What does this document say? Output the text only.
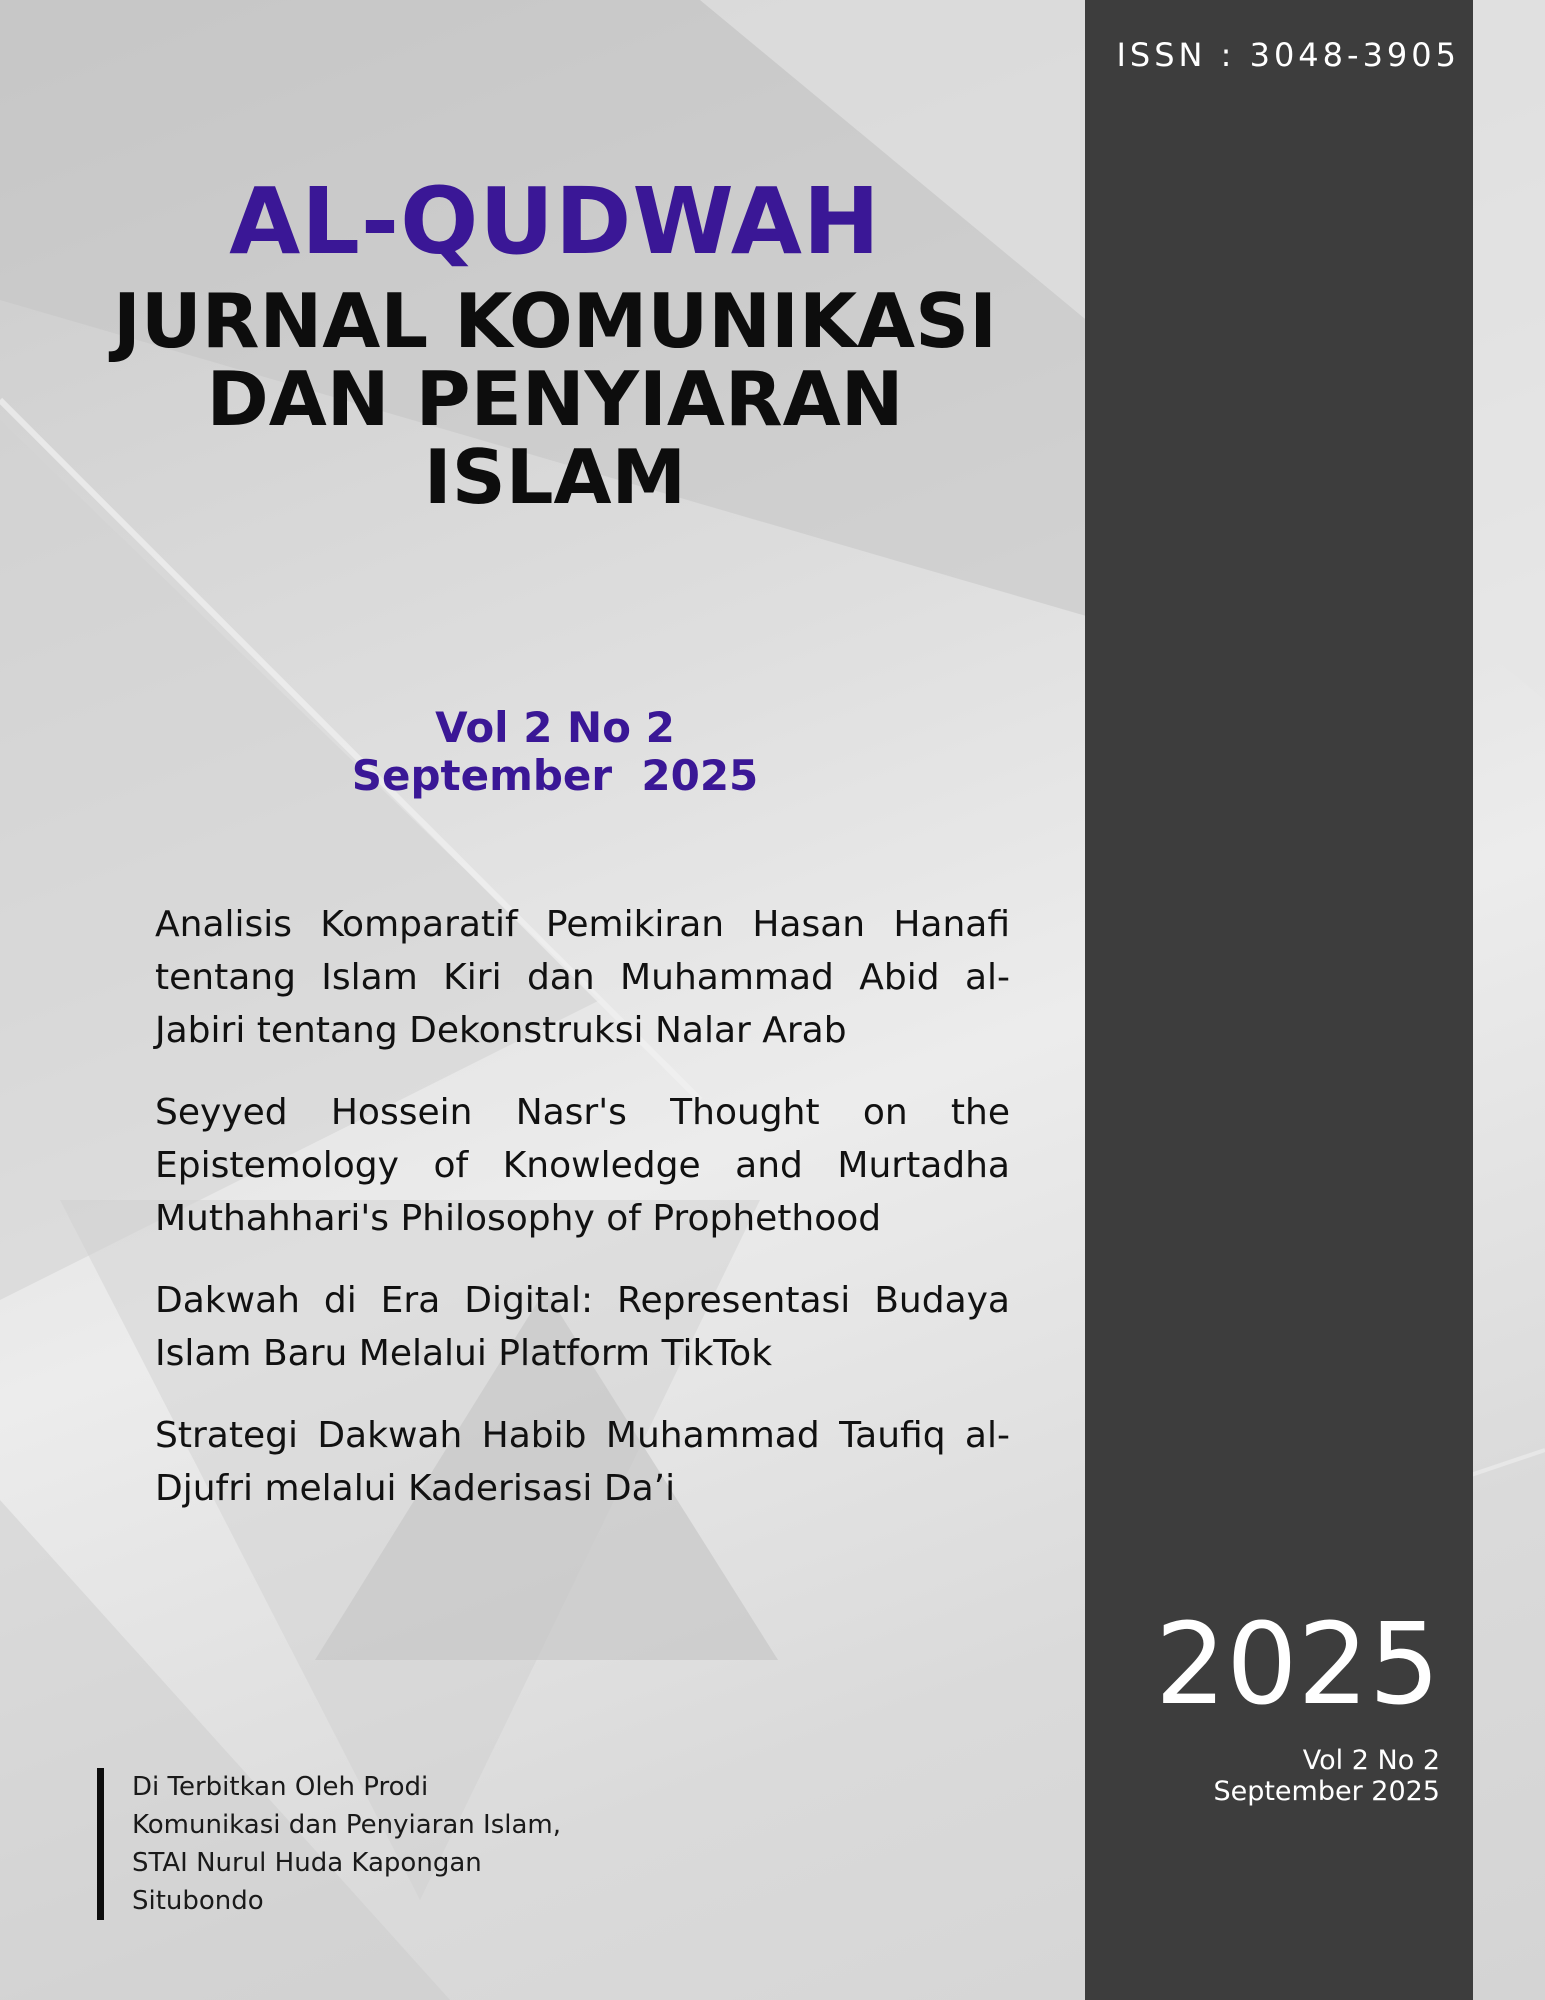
ISSN : 3048-3905
AL-QUDWAH
JURNAL KOMUNIKASI
DAN PENYIARAN
ISLAM
Vol 2 No 2
September  2025

Analisis Komparatif Pemikiran Hasan Hanafi tentang Islam Kiri dan Muhammad Abid al-Jabiri tentang Dekonstruksi Nalar Arab

Seyyed Hossein Nasr's Thought on the Epistemology of Knowledge and Murtadha Muthahhari's Philosophy of Prophethood

Dakwah di Era Digital: Representasi Budaya Islam Baru Melalui Platform TikTok

Strategi Dakwah Habib Muhammad Taufiq al-Djufri melalui Kaderisasi Da’i

Di Terbitkan Oleh Prodi
Komunikasi dan Penyiaran Islam,
STAI Nurul Huda Kapongan
Situbondo
2025
Vol 2 No 2
September 2025
